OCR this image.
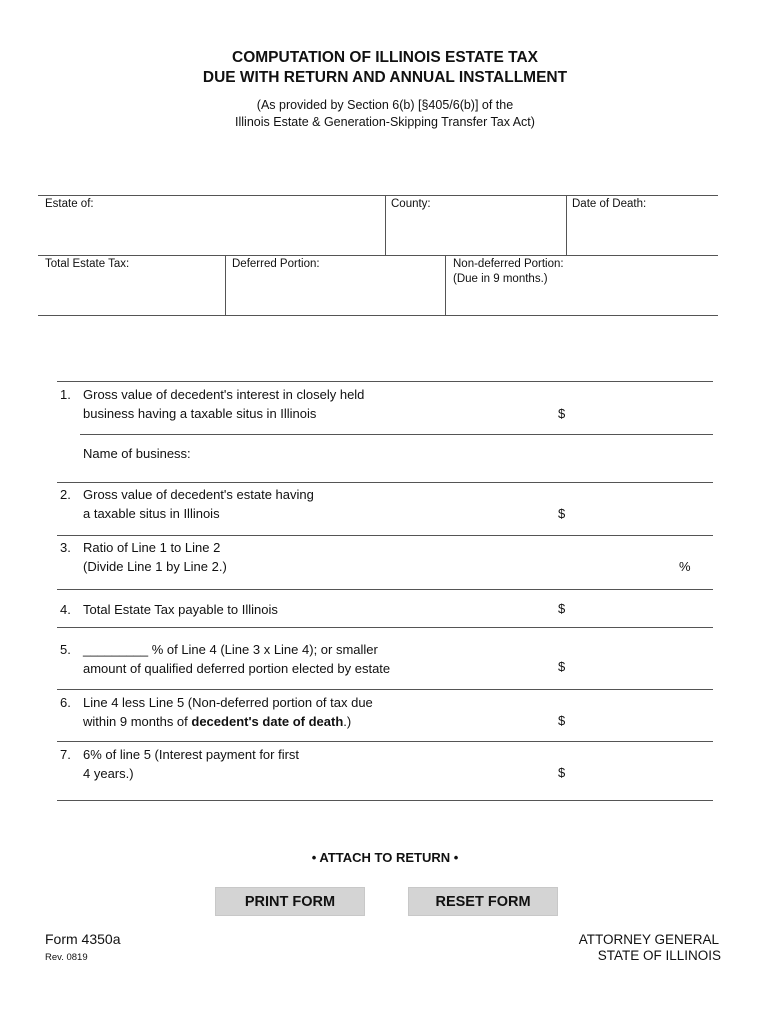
COMPUTATION OF ILLINOIS ESTATE TAX
DUE WITH RETURN AND ANNUAL INSTALLMENT
(As provided by Section 6(b) [§405/6(b)] of the
Illinois Estate & Generation-Skipping Transfer Tax Act)
Estate of:	County:	Date of Death:
Total Estate Tax:	Deferred Portion:	Non-deferred Portion:
(Due in 9 months.)
1. Gross value of decedent's interest in closely held
business having a taxable situs in Illinois	$
Name of business:
2. Gross value of decedent's estate having
a taxable situs in Illinois	$
3. Ratio of Line 1 to Line 2
(Divide Line 1 by Line 2.)	%
4. Total Estate Tax payable to Illinois	$
5. _________ % of Line 4 (Line 3 x Line 4); or smaller
amount of qualified deferred portion elected by estate	$
6. Line 4 less Line 5 (Non-deferred portion of tax due
within 9 months of decedent's date of death.)	$
7. 6% of line 5 (Interest payment for first
4 years.)	$
• ATTACH TO RETURN •
PRINT FORM	RESET FORM
Form 4350a
Rev. 0819
ATTORNEY GENERAL
STATE OF ILLINOIS
